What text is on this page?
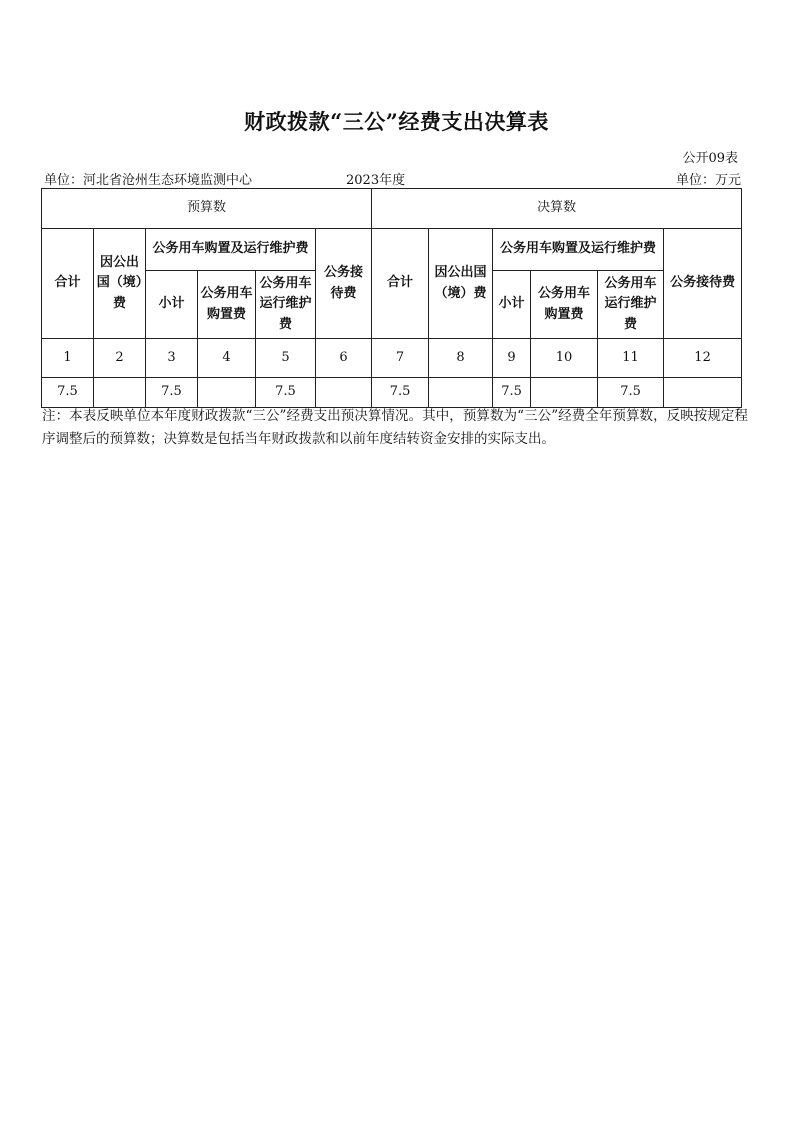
财政拨款“三公”经费支出决算表
公开09表
单位：河北省沧州生态环境监测中心	2023年度	单位：万元
预算数						决算数					
合计	因公出国（境）费	公务用车购置及运行维护费			公务接待费	合计	因公出国（境）费	公务用车购置及运行维护费			公务接待费
		小计	公务用车购置费	公务用车运行维护费				小计	公务用车购置费	公务用车运行维护费	
1	2	3	4	5	6	7	8	9	10	11	12
7.5		7.5		7.5		7.5		7.5		7.5	
注：本表反映单位本年度财政拨款“三公”经费支出预决算情况。其中，预算数为“三公”经费全年预算数，反映按规定程序调整后的预算数；决算数是包括当年财政拨款和以前年度结转资金安排的实际支出。
